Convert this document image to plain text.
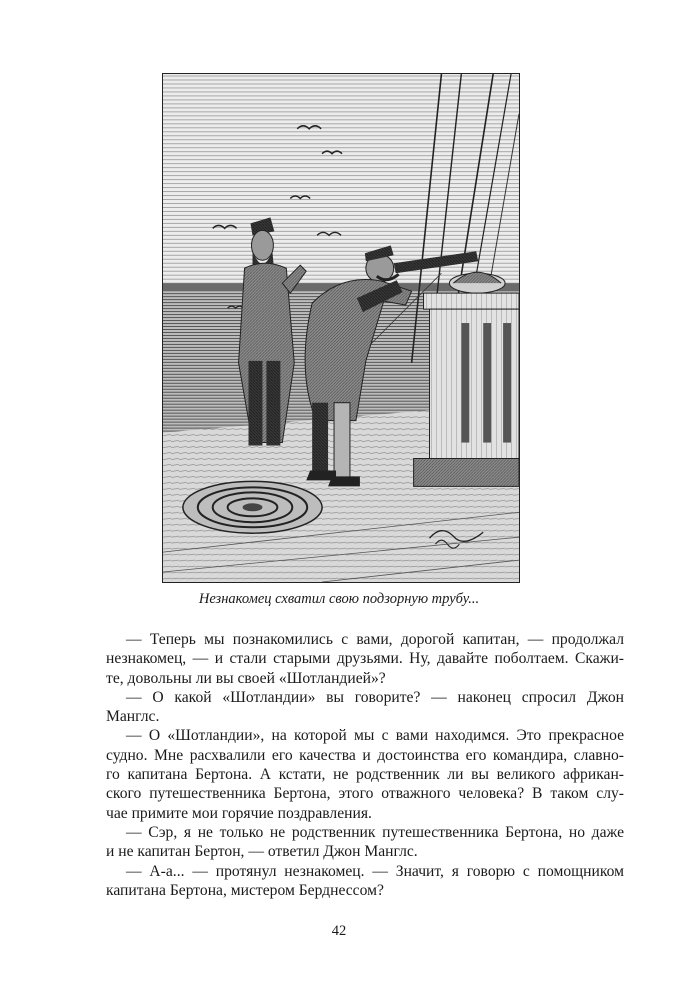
Незнакомец схватил свою подзорную трубу...
— Теперь мы познакомились с вами, дорогой капитан, — продолжал
незнакомец, — и стали старыми друзьями. Ну, давайте поболтаем. Скажи-
те, довольны ли вы своей «Шотландией»?
— О какой «Шотландии» вы говорите? — наконец спросил Джон
Манглс.
— О «Шотландии», на которой мы с вами находимся. Это прекрасное
судно. Мне расхвалили его качества и достоинства его командира, славно-
го капитана Бертона. А кстати, не родственник ли вы великого африкан-
ского путешественника Бертона, этого отважного человека? В таком слу-
чае примите мои горячие поздравления.
— Сэр, я не только не родственник путешественника Бертона, но даже
и не капитан Бертон, — ответил Джон Манглс.
— А-а... — протянул незнакомец. — Значит, я говорю с помощником
капитана Бертона, мистером Берднессом?
42
